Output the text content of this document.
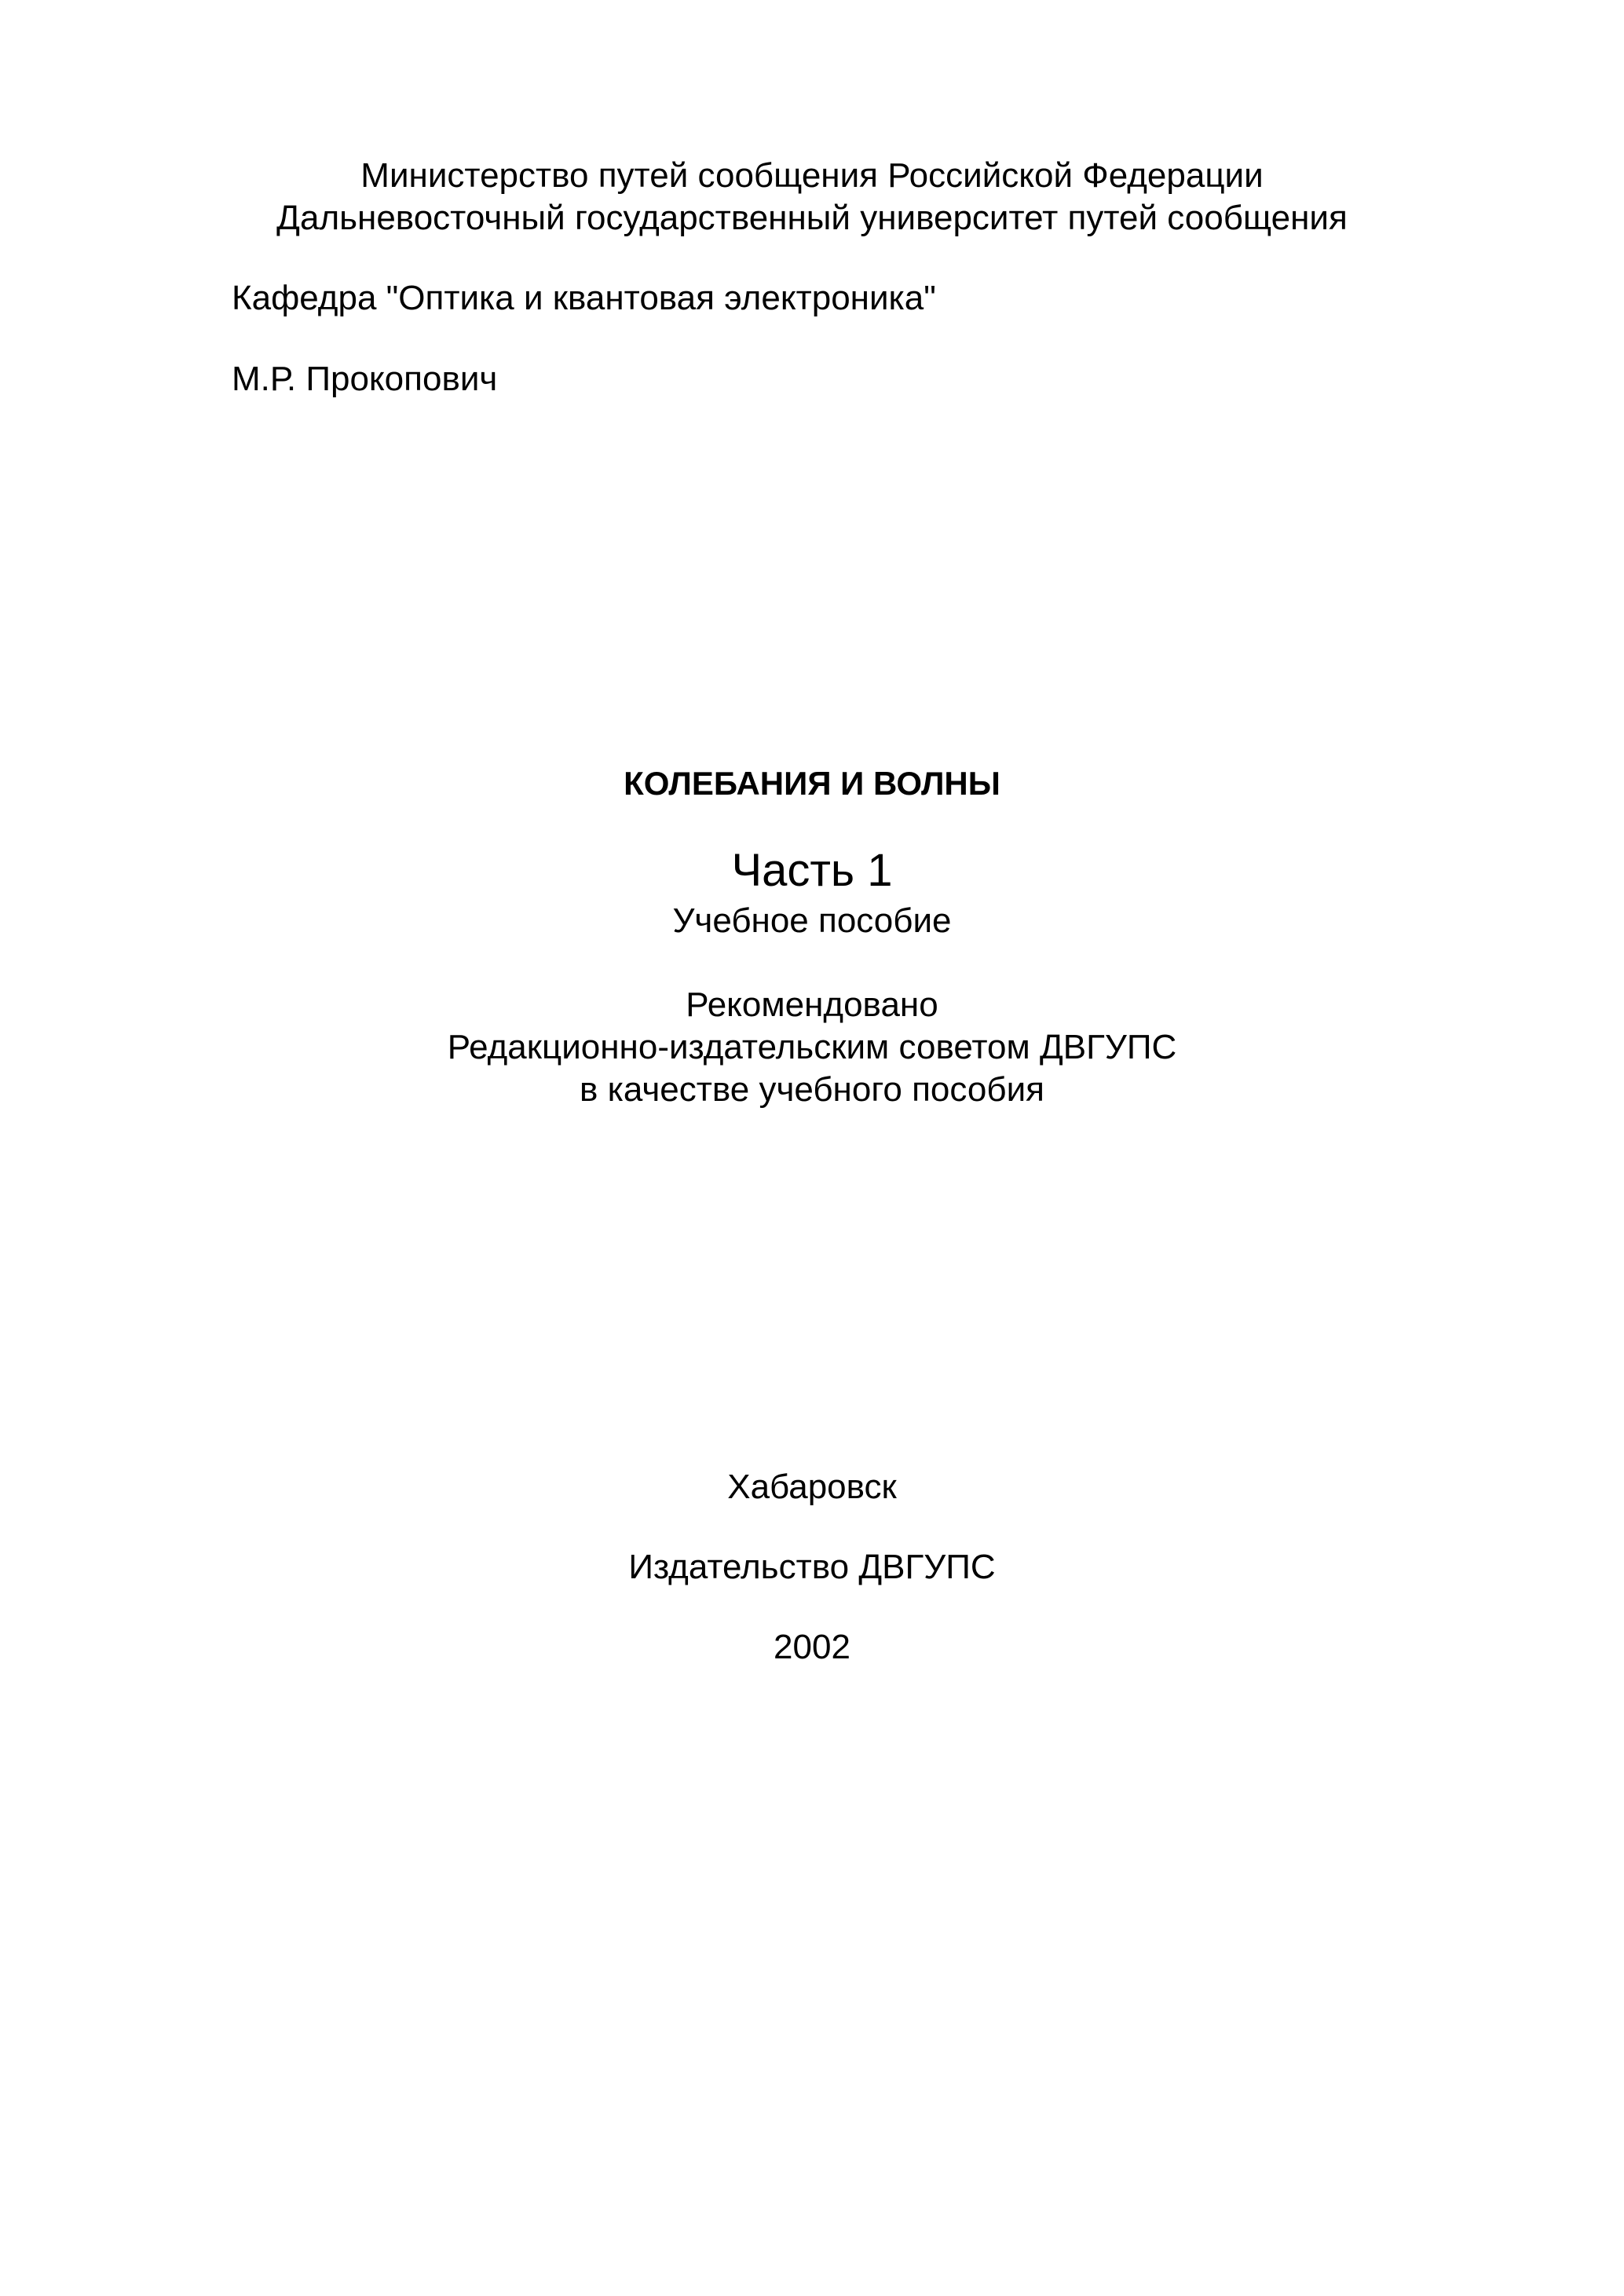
Министерство путей сообщения Российской Федерации
Дальневосточный государственный университет путей сообщения
Кафедра "Оптика и квантовая электроника"
М.Р. Прокопович
КОЛЕБАНИЯ И ВОЛНЫ
Часть 1
Учебное пособие
Рекомендовано
Редакционно-издательским советом ДВГУПС
в качестве учебного пособия
Хабаровск
Издательство ДВГУПС
2002
